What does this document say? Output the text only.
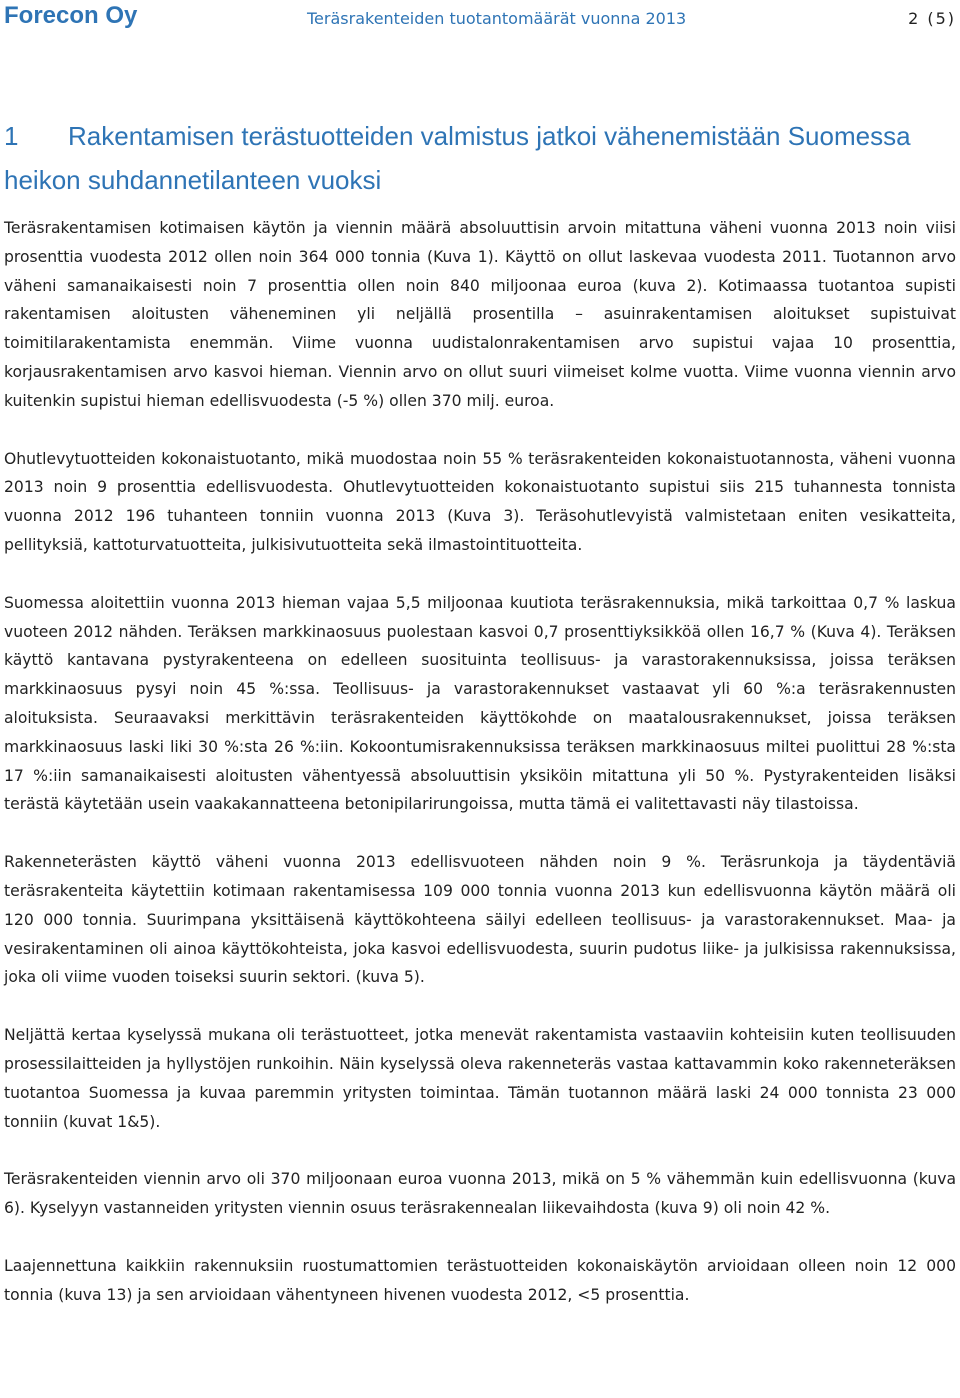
Forecon Oy	Teräsrakenteiden tuotantomäärät vuonna 2013	2 (5)
1 Rakentamisen terästuotteiden valmistus jatkoi vähenemistään Suomessa heikon suhdannetilanteen vuoksi

Teräsrakentamisen kotimaisen käytön ja viennin määrä absoluuttisin arvoin mitattuna väheni vuonna 2013 noin viisi prosenttia vuodesta 2012 ollen noin 364 000 tonnia (Kuva 1). Käyttö on ollut laskevaa vuodesta 2011. Tuotannon arvo väheni samanaikaisesti noin 7 prosenttia ollen noin 840 miljoonaa euroa (kuva 2). Kotimaassa tuotantoa supisti rakentamisen aloitusten väheneminen yli neljällä prosentilla – asuinrakentamisen aloitukset supistuivat toimitilarakentamista enemmän. Viime vuonna uudistalonrakentamisen arvo supistui vajaa 10 prosenttia, korjausrakentamisen arvo kasvoi hieman. Viennin arvo on ollut suuri viimeiset kolme vuotta. Viime vuonna viennin arvo kuitenkin supistui hieman edellisvuodesta (-5 %) ollen 370 milj. euroa.

Ohutlevytuotteiden kokonaistuotanto, mikä muodostaa noin 55 % teräsrakenteiden kokonaistuotannosta, väheni vuonna 2013 noin 9 prosenttia edellisvuodesta. Ohutlevytuotteiden kokonaistuotanto supistui siis 215 tuhannesta tonnista vuonna 2012 196 tuhanteen tonniin vuonna 2013 (Kuva 3). Teräsohutlevyistä valmistetaan eniten vesikatteita, pellityksiä, kattoturvatuotteita, julkisivutuotteita sekä ilmastointituotteita.

Suomessa aloitettiin vuonna 2013 hieman vajaa 5,5 miljoonaa kuutiota teräsrakennuksia, mikä tarkoittaa 0,7 % laskua vuoteen 2012 nähden. Teräksen markkinaosuus puolestaan kasvoi 0,7 prosenttiyksikköä ollen 16,7 % (Kuva 4). Teräksen käyttö kantavana pystyrakenteena on edelleen suosituinta teollisuus- ja varastorakennuksissa, joissa teräksen markkinaosuus pysyi noin 45 %:ssa. Teollisuus- ja varastorakennukset vastaavat yli 60 %:a teräsrakennusten aloituksista. Seuraavaksi merkittävin teräsrakenteiden käyttökohde on maatalousrakennukset, joissa teräksen markkinaosuus laski liki 30 %:sta 26 %:iin. Kokoontumisrakennuksissa teräksen markkinaosuus miltei puolittui 28 %:sta 17 %:iin samanaikaisesti aloitusten vähentyessä absoluuttisin yksiköin mitattuna yli 50 %. Pystyrakenteiden lisäksi terästä käytetään usein vaakakannatteena betonipilarirungoissa, mutta tämä ei valitettavasti näy tilastoissa.

Rakenneterästen käyttö väheni vuonna 2013 edellisvuoteen nähden noin 9 %. Teräsrunkoja ja täydentäviä teräsrakenteita käytettiin kotimaan rakentamisessa 109 000 tonnia vuonna 2013 kun edellisvuonna käytön määrä oli 120 000 tonnia. Suurimpana yksittäisenä käyttökohteena säilyi edelleen teollisuus- ja varastorakennukset. Maa- ja vesirakentaminen oli ainoa käyttökohteista, joka kasvoi edellisvuodesta, suurin pudotus liike- ja julkisissa rakennuksissa, joka oli viime vuoden toiseksi suurin sektori. (kuva 5).

Neljättä kertaa kyselyssä mukana oli terästuotteet, jotka menevät rakentamista vastaaviin kohteisiin kuten teollisuuden prosessilaitteiden ja hyllystöjen runkoihin. Näin kyselyssä oleva rakenneteräs vastaa kattavammin koko rakenneteräksen tuotantoa Suomessa ja kuvaa paremmin yritysten toimintaa. Tämän tuotannon määrä laski 24 000 tonnista 23 000 tonniin (kuvat 1&5).

Teräsrakenteiden viennin arvo oli 370 miljoonaan euroa vuonna 2013, mikä on 5 % vähemmän kuin edellisvuonna (kuva 6). Kyselyyn vastanneiden yritysten viennin osuus teräsrakennealan liikevaihdosta (kuva 9) oli noin 42 %.

Laajennettuna kaikkiin rakennuksiin ruostumattomien terästuotteiden kokonaiskäytön arvioidaan olleen noin 12 000 tonnia (kuva 13) ja sen arvioidaan vähentyneen hivenen vuodesta 2012, <5 prosenttia.
